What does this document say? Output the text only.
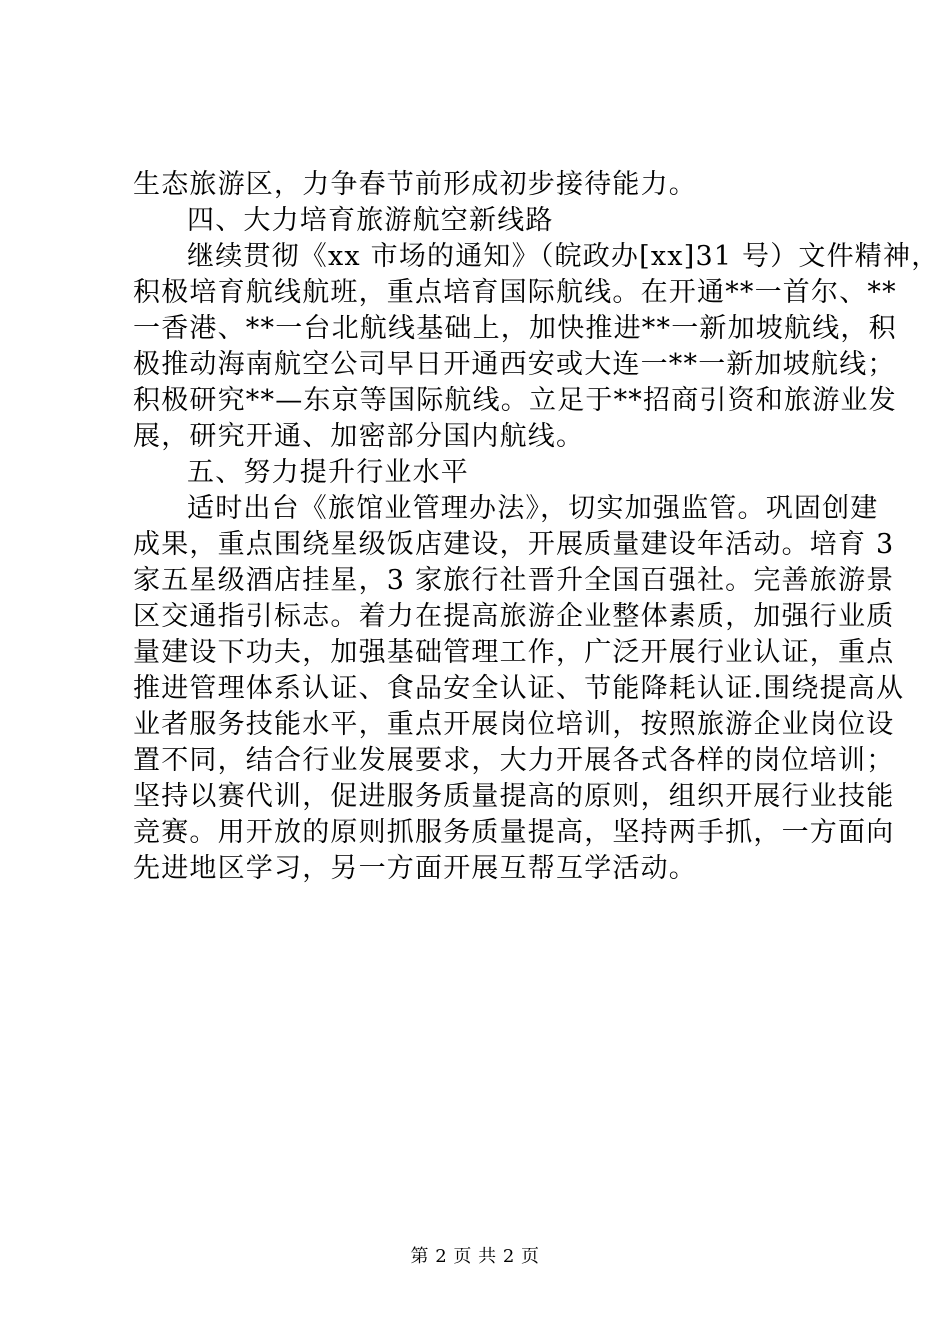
生态旅游区，力争春节前形成初步接待能力。
四、大力培育旅游航空新线路
继续贯彻《xx 市场的通知》（皖政办[xx]31 号）文件精神，
积极培育航线航班，重点培育国际航线。在开通**一首尔、**
一香港、**一台北航线基础上，加快推进**一新加坡航线，积
极推动海南航空公司早日开通西安或大连一**一新加坡航线；
积极研究**—东京等国际航线。立足于**招商引资和旅游业发
展，研究开通、加密部分国内航线。
五、努力提升行业水平
适时出台《旅馆业管理办法》，切实加强监管。巩固创建
成果，重点围绕星级饭店建设，开展质量建设年活动。培育 3
家五星级酒店挂星，3 家旅行社晋升全国百强社。完善旅游景
区交通指引标志。着力在提高旅游企业整体素质，加强行业质
量建设下功夫，加强基础管理工作，广泛开展行业认证，重点
推进管理体系认证、食品安全认证、节能降耗认证.围绕提高从
业者服务技能水平，重点开展岗位培训，按照旅游企业岗位设
置不同，结合行业发展要求，大力开展各式各样的岗位培训；
坚持以赛代训，促进服务质量提高的原则，组织开展行业技能
竞赛。用开放的原则抓服务质量提高，坚持两手抓，一方面向
先进地区学习，另一方面开展互帮互学活动。
第 2 页 共 2 页
